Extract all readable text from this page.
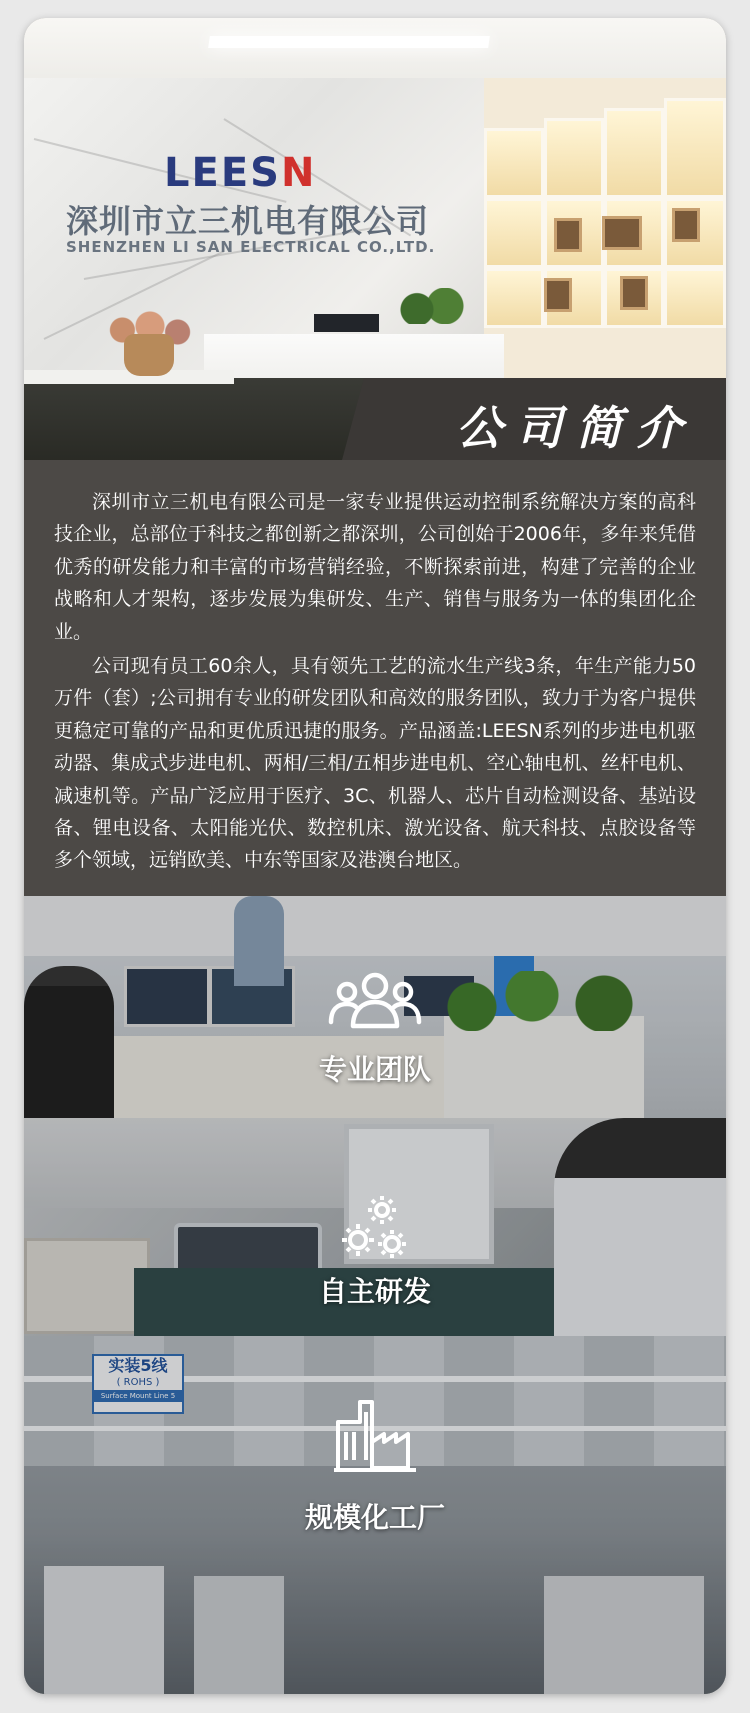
LEESN
深圳市立三机电有限公司
SHENZHEN LI SAN ELECTRICAL CO.,LTD.
公司简介

深圳市立三机电有限公司是一家专业提供运动控制系统解决方案的高科技企业，总部位于科技之都创新之都深圳，公司创始于2006年，多年来凭借优秀的研发能力和丰富的市场营销经验，不断探索前进，构建了完善的企业战略和人才架构，逐步发展为集研发、生产、销售与服务为一体的集团化企业。

公司现有员工60余人，具有领先工艺的流水生产线3条，年生产能力50万件（套）;公司拥有专业的研发团队和高效的服务团队，致力于为客户提供更稳定可靠的产品和更优质迅捷的服务。产品涵盖:LEESN系列的步进电机驱动器、集成式步进电机、两相/三相/五相步进电机、空心轴电机、丝杆电机、减速机等。产品广泛应用于医疗、3C、机器人、芯片自动检测设备、基站设备、锂电设备、太阳能光伏、数控机床、激光设备、航天科技、点胶设备等多个领域，远销欧美、中东等国家及港澳台地区。

专业团队
自主研发
实装5线
( ROHS )
Surface Mount Line 5
规模化工厂
